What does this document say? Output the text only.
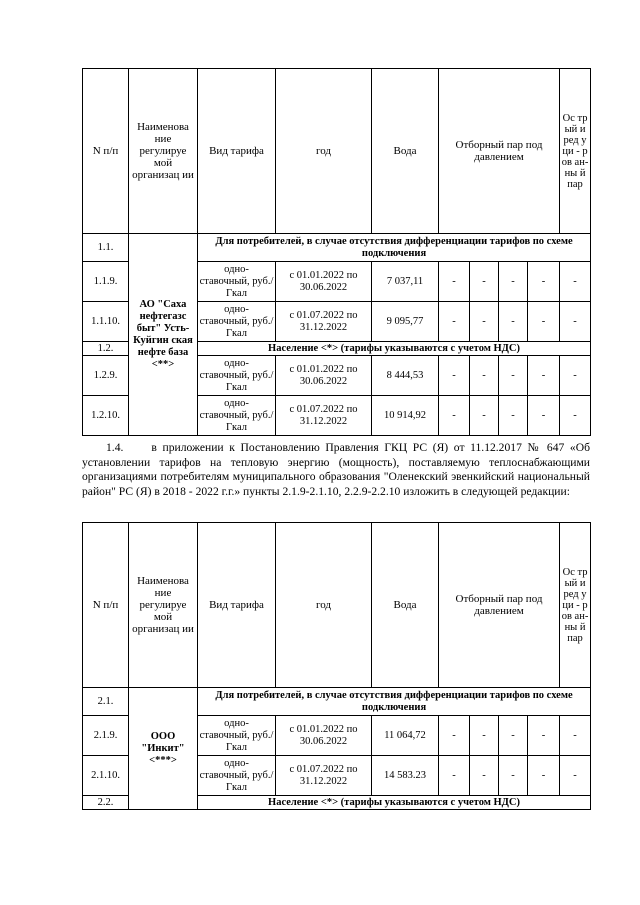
N п/п	Наименова ние регулируе мой организац ии	Вид тарифа	год	Вода	Отборный пар под давлением				Ос тр ый и ред уци - ров ан- ны й пар
1.1.	АО "Саха нефтегазс быт" Усть- Куйгин ская нефте база <**>	Для потребителей, в случае отсутствия дифференциации тарифов по схеме подключения							
1.1.9.		одно- ставочный, руб./Гкал	с 01.01.2022 по 30.06.2022	7 037,11	-	-	-	-	-
1.1.10.		одно- ставочный, руб./Гкал	с 01.07.2022 по 31.12.2022	9 095,77	-	-	-	-	-
1.2.		Население <*> (тарифы указываются с учетом НДС)							
1.2.9.		одно- ставочный, руб./Гкал	с 01.01.2022 по 30.06.2022	8 444,53	-	-	-	-	-
1.2.10.		одно- ставочный, руб./Гкал	с 01.07.2022 по 31.12.2022	10 914,92	-	-	-	-	-
1.4. в приложении к Постановлению Правления ГКЦ РС (Я) от 11.12.2017 № 647 «Об установлении тарифов на тепловую энергию (мощность), поставляемую теплоснабжающими организациями потребителям муниципального образования "Оленекский эвенкийский национальный район" РС (Я) в 2018 - 2022 г.г.» пункты 2.1.9-2.1.10, 2.2.9-2.2.10 изложить в следующей редакции:
N п/п	Наименова ние регулируе мой организац ии	Вид тарифа	год	Вода	Отборный пар под давлением				Ос тр ый и ред уци - ров ан- ны й пар
2.1.	ООО "Инкит" <***>	Для потребителей, в случае отсутствия дифференциации тарифов по схеме подключения							
2.1.9.		одно- ставочный, руб./Гкал	с 01.01.2022 по 30.06.2022	11 064,72	-	-	-	-	-
2.1.10.		одно- ставочный, руб./Гкал	с 01.07.2022 по 31.12.2022	14 583.23	-	-	-	-	-
2.2.		Население <*> (тарифы указываются с учетом НДС)							
